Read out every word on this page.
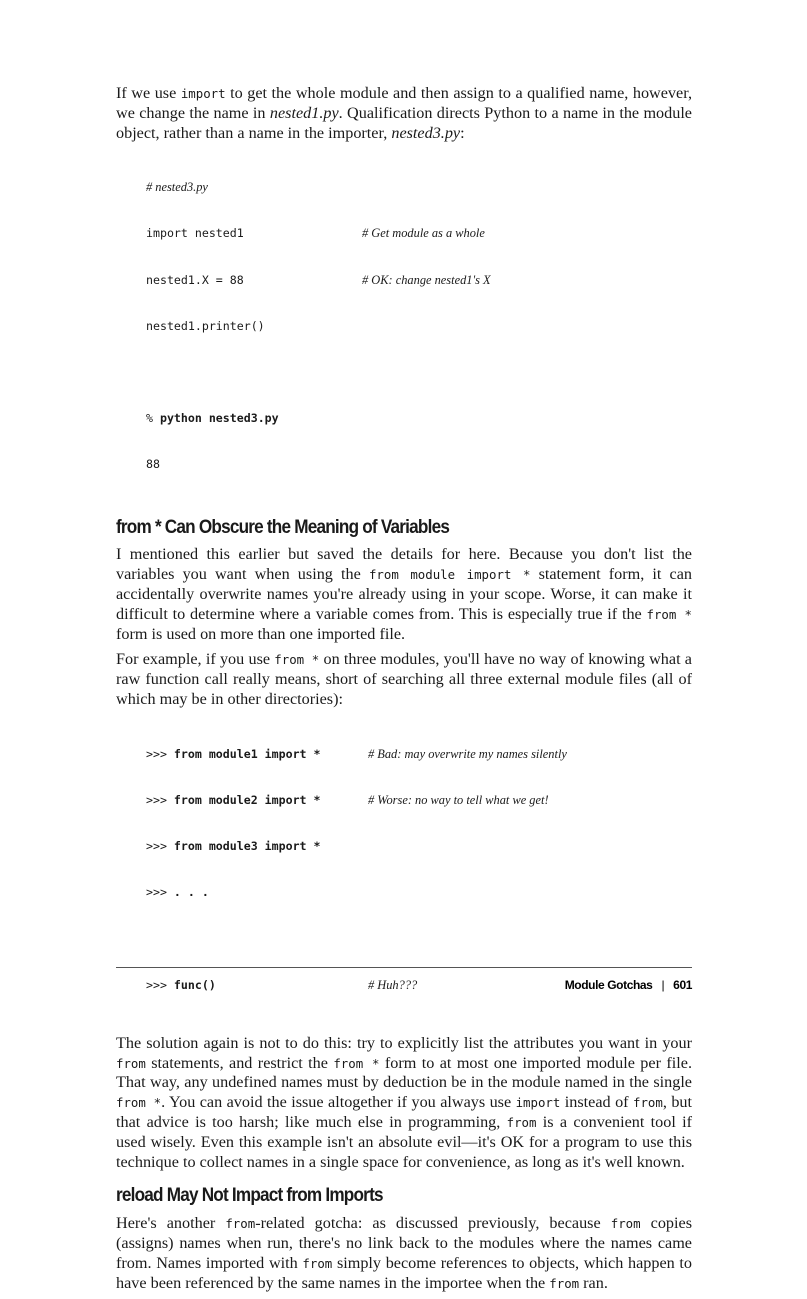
If we use import to get the whole module and then assign to a qualified name, however, we change the name in nested1.py. Qualification directs Python to a name in the module object, rather than a name in the importer, nested3.py:

# nested3.py

import nested1	# Get module as a whole

nested1.X = 88	# OK: change nested1's X

nested1.printer()

% python nested3.py

88

from * Can Obscure the Meaning of Variables

I mentioned this earlier but saved the details for here. Because you don't list the variables you want when using the from module import * statement form, it can accidentally overwrite names you're already using in your scope. Worse, it can make it difficult to determine where a variable comes from. This is especially true if the from * form is used on more than one imported file.

For example, if you use from * on three modules, you'll have no way of knowing what a raw function call really means, short of searching all three external module files (all of which may be in other directories):

>>> from module1 import *	# Bad: may overwrite my names silently

>>> from module2 import *	# Worse: no way to tell what we get!

>>> from module3 import *

>>> . . .

>>> func()	# Huh???

The solution again is not to do this: try to explicitly list the attributes you want in your from statements, and restrict the from * form to at most one imported module per file. That way, any undefined names must by deduction be in the module named in the single from *. You can avoid the issue altogether if you always use import instead of from, but that advice is too harsh; like much else in programming, from is a convenient tool if used wisely. Even this example isn't an absolute evil—it's OK for a program to use this technique to collect names in a single space for convenience, as long as it's well known.

reload May Not Impact from Imports

Here's another from-related gotcha: as discussed previously, because from copies (assigns) names when run, there's no link back to the modules where the names came from. Names imported with from simply become references to objects, which happen to have been referenced by the same names in the importee when the from ran.

Module Gotchas | 601
